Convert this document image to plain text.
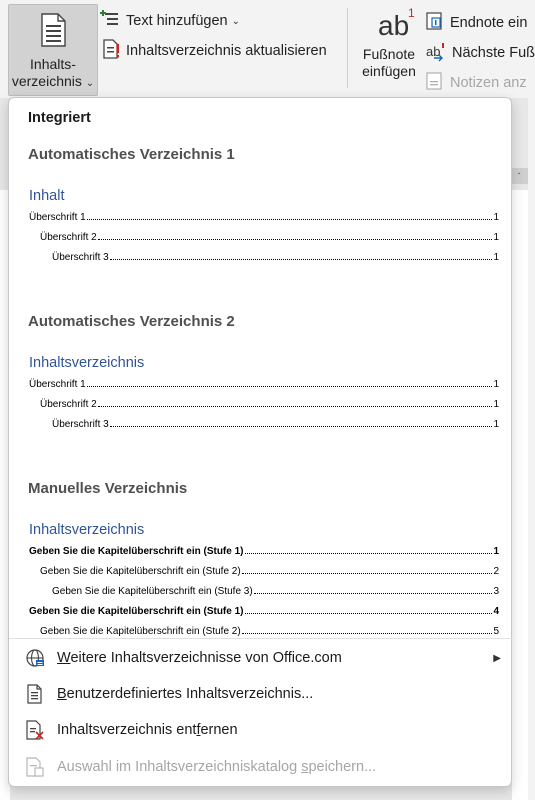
Inhalts-
verzeichnis ⌄
Text hinzufügen ⌄
Inhaltsverzeichnis aktualisieren
ab
1
Fußnote
einfügen
Endnote ein
ab Nächste Fuß
Notizen anz
·
Integriert
Automatisches Verzeichnis 1
Inhalt
Überschrift 1	1
Überschrift 2	1
Überschrift 3	1
Automatisches Verzeichnis 2
Inhaltsverzeichnis
Überschrift 1	1
Überschrift 2	1
Überschrift 3	1
Manuelles Verzeichnis
Inhaltsverzeichnis
Geben Sie die Kapitelüberschrift ein (Stufe 1)	1
Geben Sie die Kapitelüberschrift ein (Stufe 2)	2
Geben Sie die Kapitelüberschrift ein (Stufe 3)	3
Geben Sie die Kapitelüberschrift ein (Stufe 1)	4
Geben Sie die Kapitelüberschrift ein (Stufe 2)	5
Weitere Inhaltsverzeichnisse von Office.com	▶
Benutzerdefiniertes Inhaltsverzeichnis...
Inhaltsverzeichnis entfernen
Auswahl im Inhaltsverzeichniskatalog speichern...
